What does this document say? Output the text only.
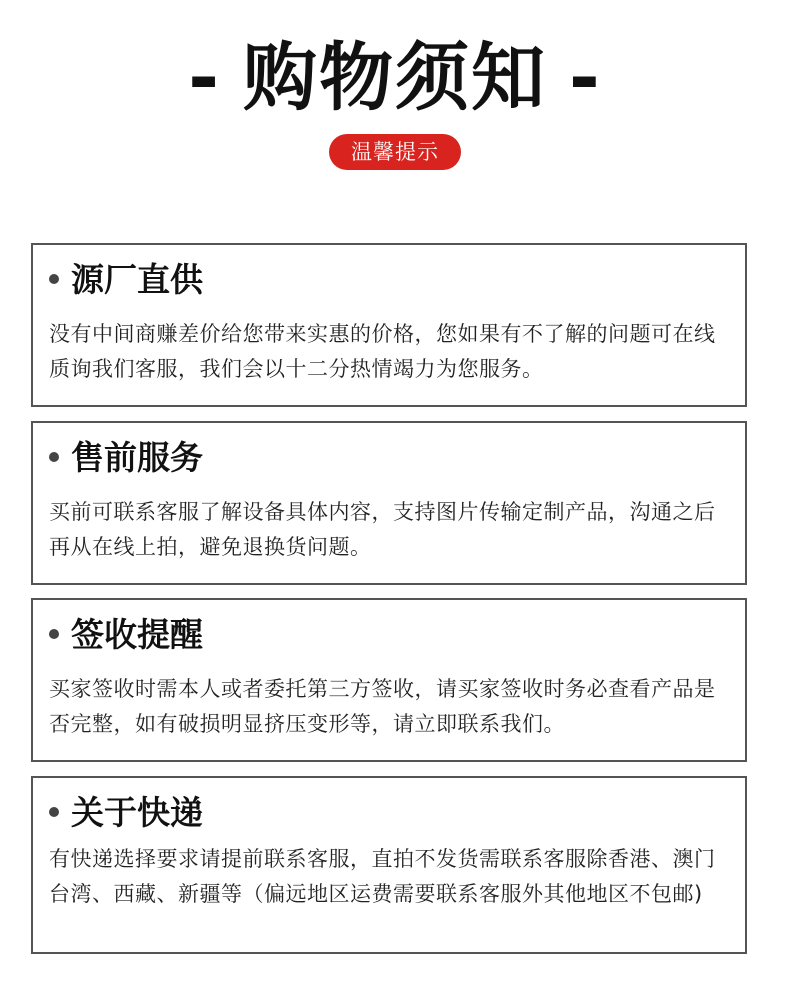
- 购物须知 -
温馨提示
源厂直供
没有中间商赚差价给您带来实惠的价格，您如果有不了解的问题可在线质询我们客服，我们会以十二分热情竭力为您服务。
售前服务
买前可联系客服了解设备具体内容，支持图片传输定制产品，沟通之后再从在线上拍，避免退换货问题。
签收提醒
买家签收时需本人或者委托第三方签收，请买家签收时务必查看产品是否完整，如有破损明显挤压变形等，请立即联系我们。
关于快递
有快递选择要求请提前联系客服，直拍不发货需联系客服除香港、澳门台湾、西藏、新疆等（偏远地区运费需要联系客服外其他地区不包邮)
